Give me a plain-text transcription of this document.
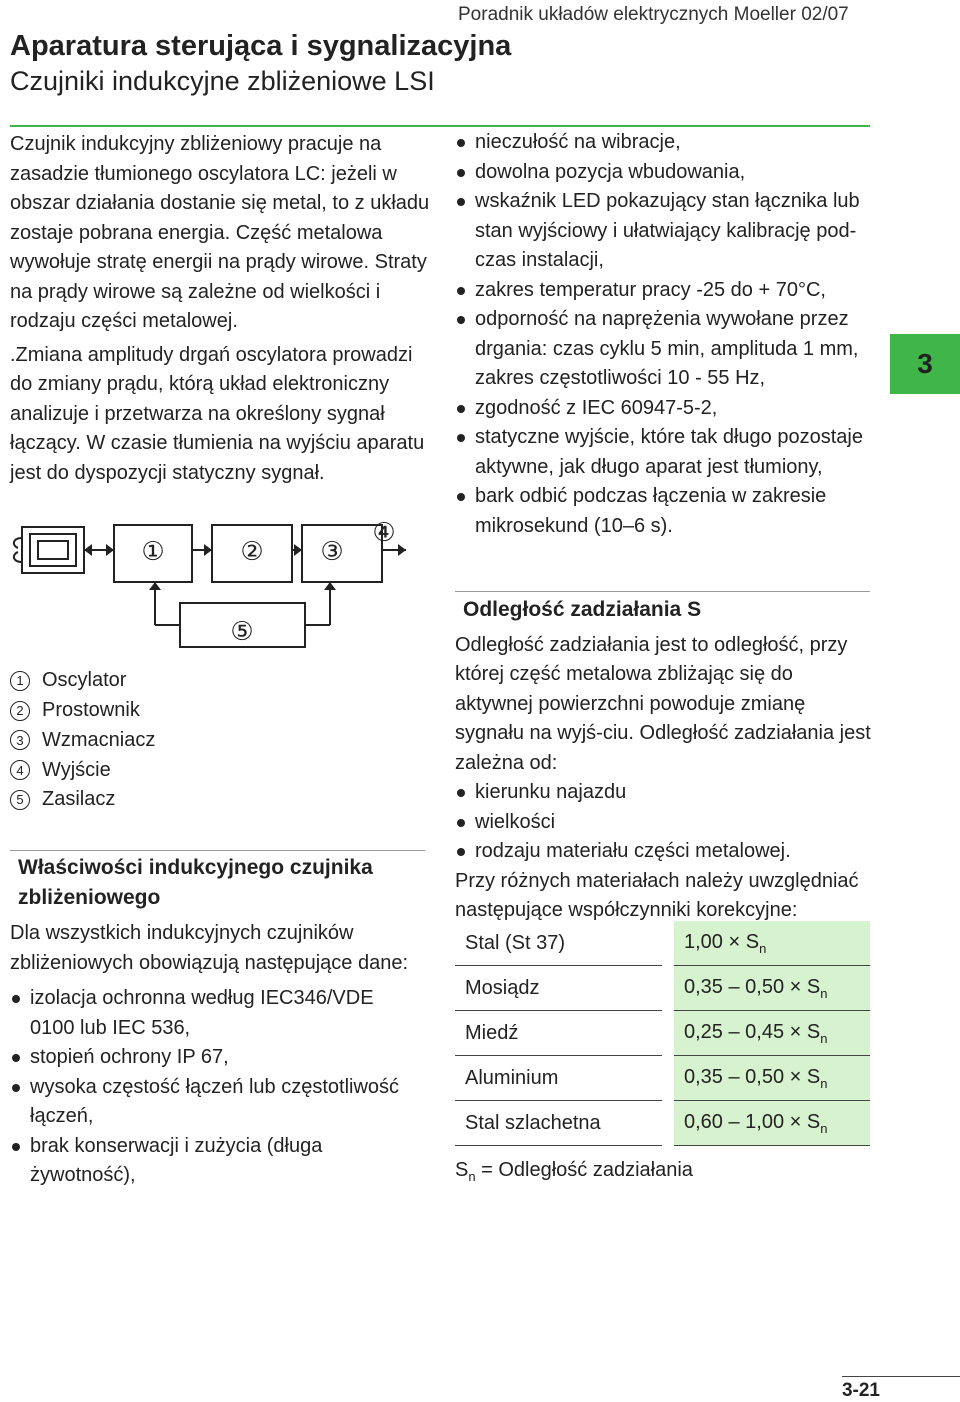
Poradnik układów elektrycznych Moeller 02/07
Aparatura sterująca i sygnalizacyjna
Czujniki indukcyjne zbliżeniowe LSI
3

Czujnik indukcyjny zbliżeniowy pracuje na zasadzie tłumionego oscylatora LC: jeżeli w obszar działania dostanie się metal, to z układu zostaje pobrana energia. Część metalowa wywołuje stratę energii na prądy wirowe. Straty na prądy wirowe są zależne od wielkości i rodzaju części metalowej.

.Zmiana amplitudy drgań oscylatora prowadzi do zmiany prądu, którą układ elektroniczny analizuje i przetwarza na określony sygnał łączący. W czasie tłumienia na wyjściu aparatu jest do dyspozycji statyczny sygnał.

①	② ③
④
⑤
1 Oscylator
2 Prostownik
3 Wzmacniacz
4 Wyjście
5 Zasilacz
Właściwości indukcyjnego czujnika zbliżeniowego

Dla wszystkich indukcyjnych czujników zbliżeniowych obowiązują następujące dane:

izolacja ochronna według IEC346/VDE 0100 lub IEC 536,
stopień ochrony IP 67,
wysoka częstość łączeń lub częstotliwość łączeń,
brak konserwacji i zużycia (długa żywotność),
nieczułość na wibracje,
dowolna pozycja wbudowania,
wskaźnik LED pokazujący stan łącznika lub stan wyjściowy i ułatwiający kalibrację pod-czas instalacji,
zakres temperatur pracy -25 do + 70°C,
odporność na naprężenia wywołane przez drgania: czas cyklu 5 min, amplituda 1 mm, zakres częstotliwości 10 - 55 Hz,
zgodność z IEC 60947-5-2,
statyczne wyjście, które tak długo pozostaje aktywne, jak długo aparat jest tłumiony,
bark odbić podczas łączenia w zakresie mikrosekund (10–6 s).
Odległość zadziałania S

Odległość zadziałania jest to odległość, przy której część metalowa zbliżając się do aktywnej powierzchni powoduje zmianę sygnału na wyjś-ciu. Odległość zadziałania jest zależna od:

kierunku najazdu
wielkości
rodzaju materiału części metalowej.

Przy różnych materiałach należy uwzględniać następujące współczynniki korekcyjne:

Stal (St 37)		$1,00 \times S_n$
Mosiądz		$0,35 - 0,50 \times S_n$
Miedź		$0,25 - 0,45 \times S_n$
Aluminium		$0,35 - 0,50 \times S_n$
Stal szlachetna		$0,60 - 1,00 \times S_n$
$S_n$ = Odległość zadziałania
3-21
